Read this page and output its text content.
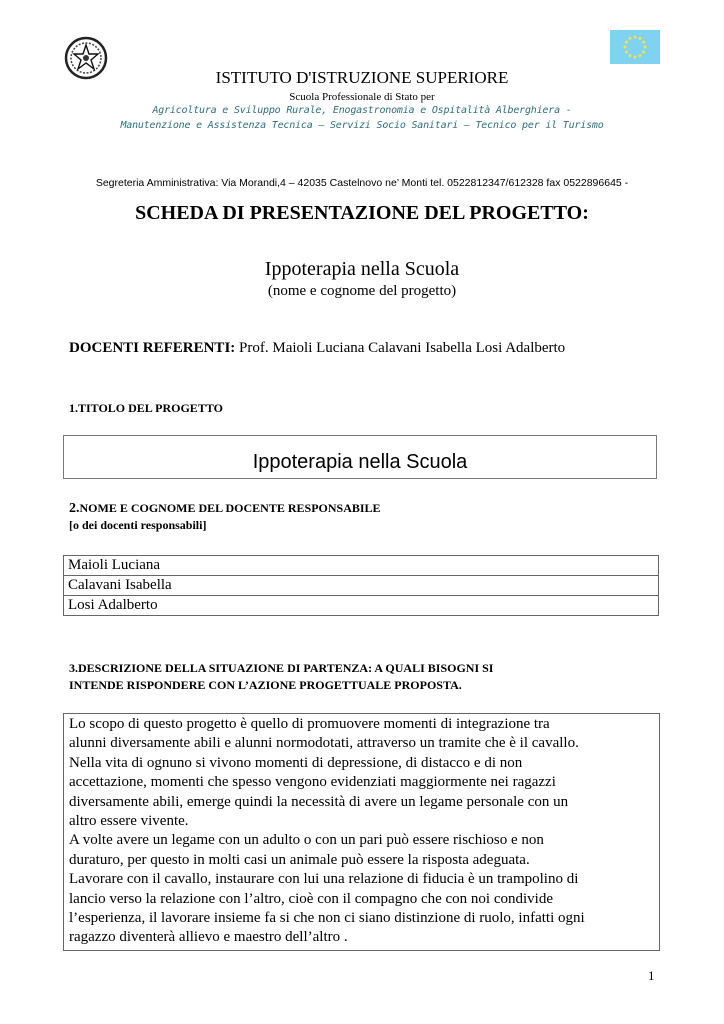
ISTITUTO D'ISTRUZIONE SUPERIORE
Scuola Professionale di Stato per
Agricoltura e Sviluppo Rurale, Enogastronomia e Ospitalità Alberghiera -
Manutenzione e Assistenza Tecnica – Servizi Socio Sanitari – Tecnico per il Turismo
Segreteria Amministrativa: Via Morandi,4 – 42035 Castelnovo ne’ Monti tel. 0522812347/612328 fax 0522896645 -
SCHEDA DI PRESENTAZIONE DEL PROGETTO:
Ippoterapia nella Scuola
(nome e cognome del progetto)
DOCENTI REFERENTI: Prof. Maioli Luciana Calavani Isabella Losi Adalberto
1.TITOLO DEL PROGETTO
Ippoterapia nella Scuola
2.NOME E COGNOME DEL DOCENTE RESPONSABILE
[o dei docenti responsabili]
Maioli Luciana
Calavani Isabella
Losi Adalberto
3.DESCRIZIONE DELLA SITUAZIONE DI PARTENZA: A QUALI BISOGNI SI
INTENDE RISPONDERE CON L’AZIONE PROGETTUALE PROPOSTA.

Lo scopo di questo progetto è quello di promuovere momenti di integrazione tra
alunni diversamente abili e alunni normodotati, attraverso un tramite che è il cavallo.
Nella vita di ognuno si vivono momenti di depressione, di distacco e di non
accettazione, momenti che spesso vengono evidenziati maggiormente nei ragazzi
diversamente abili, emerge quindi la necessità di avere un legame personale con un
altro essere vivente.
A volte avere un legame con un adulto o con un pari può essere rischioso e non
duraturo, per questo in molti casi un animale può essere la risposta adeguata.
Lavorare con il cavallo, instaurare con lui una relazione di fiducia è un trampolino di
lancio verso la relazione con l’altro, cioè con il compagno che con noi condivide
l’esperienza, il lavorare insieme fa si che non ci siano distinzione di ruolo, infatti ogni
ragazzo diventerà allievo e maestro dell’altro .

1
